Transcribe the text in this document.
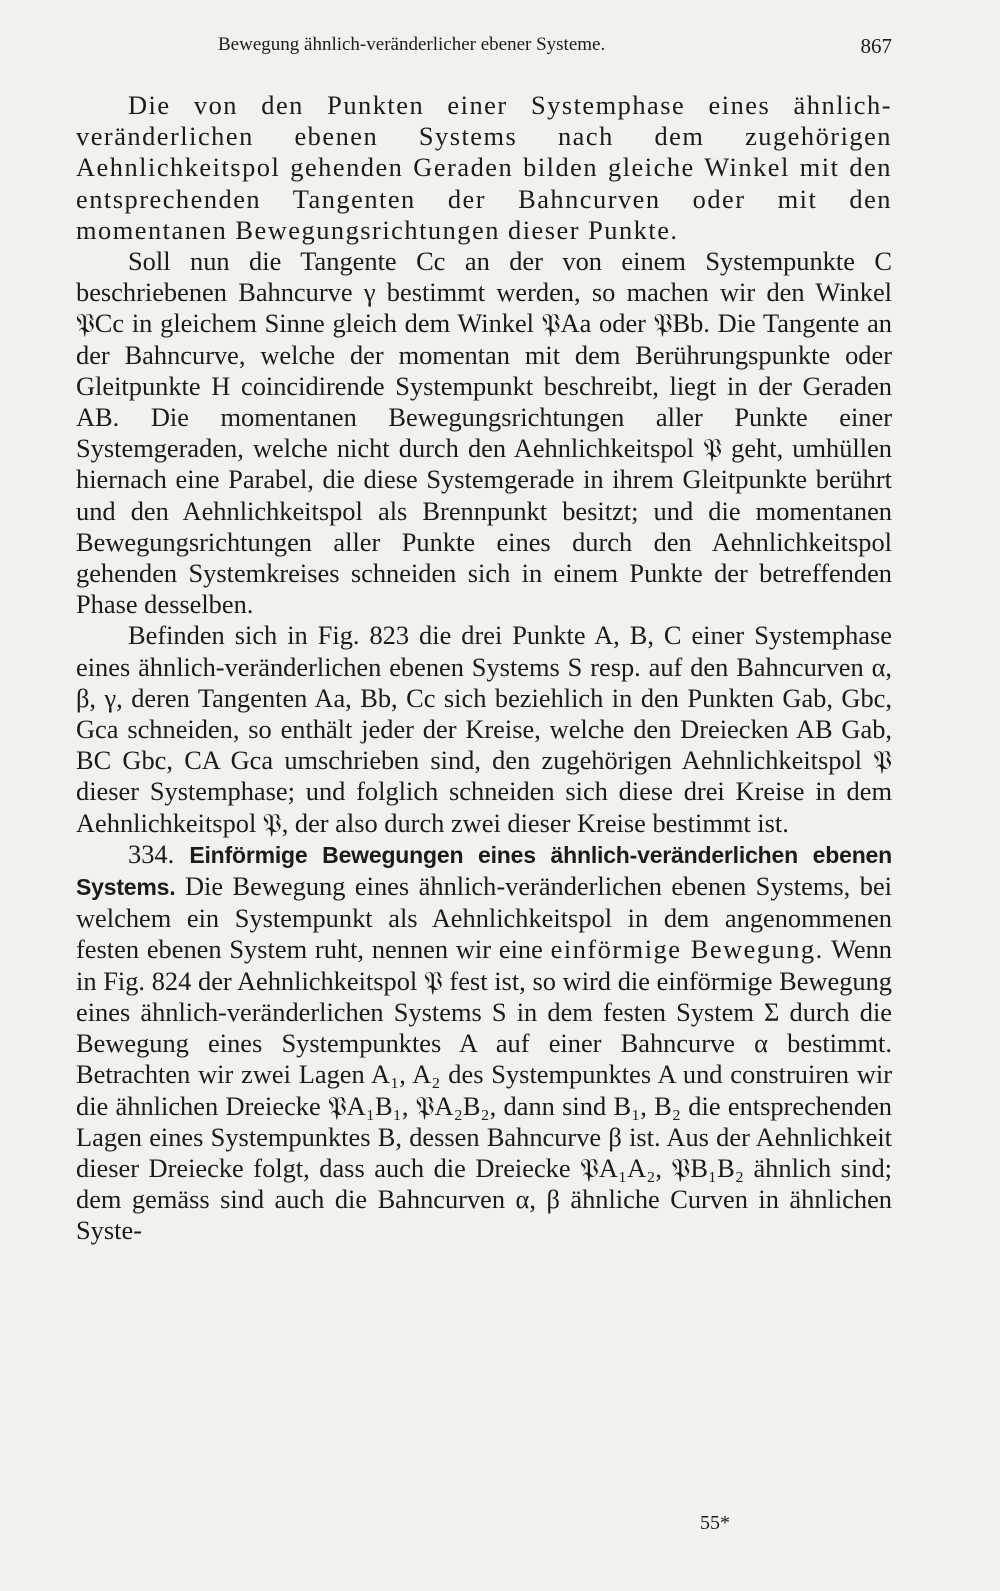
Bewegung ähnlich-veränderlicher ebener Systeme.	867

Die von den Punkten einer Systemphase eines ähnlich-veränderlichen ebenen Systems nach dem zugehörigen Aehnlichkeitspol gehenden Geraden bilden gleiche Winkel mit den entsprechenden Tangenten der Bahncurven oder mit den momentanen Bewegungsrichtungen dieser Punkte.

Soll nun die Tangente Cc an der von einem Systempunkte C beschriebenen Bahncurve γ bestimmt werden, so machen wir den Winkel 𝔓Cc in gleichem Sinne gleich dem Winkel 𝔓Aa oder 𝔓Bb. Die Tangente an der Bahncurve, welche der momentan mit dem Berührungspunkte oder Gleitpunkte H coincidirende Systempunkt beschreibt, liegt in der Geraden AB. Die momentanen Bewegungsrichtungen aller Punkte einer Systemgeraden, welche nicht durch den Aehnlichkeitspol 𝔓 geht, umhüllen hiernach eine Parabel, die diese Systemgerade in ihrem Gleitpunkte berührt und den Aehnlichkeitspol als Brennpunkt besitzt; und die momentanen Bewegungsrichtungen aller Punkte eines durch den Aehnlichkeitspol gehenden Systemkreises schneiden sich in einem Punkte der betreffenden Phase desselben.

Befinden sich in Fig. 823 die drei Punkte A, B, C einer Systemphase eines ähnlich-veränderlichen ebenen Systems S resp. auf den Bahncurven α, β, γ, deren Tangenten Aa, Bb, Cc sich beziehlich in den Punkten Gab, Gbc, Gca schneiden, so enthält jeder der Kreise, welche den Dreiecken AB Gab, BC Gbc, CA Gca umschrieben sind, den zugehörigen Aehnlichkeitspol 𝔓 dieser Systemphase; und folglich schneiden sich diese drei Kreise in dem Aehnlichkeitspol 𝔓, der also durch zwei dieser Kreise bestimmt ist.

334. Einförmige Bewegungen eines ähnlich-veränderlichen ebenen Systems. Die Bewegung eines ähnlich-veränderlichen ebenen Systems, bei welchem ein Systempunkt als Aehnlichkeitspol in dem angenommenen festen ebenen System ruht, nennen wir eine einförmige Bewegung. Wenn in Fig. 824 der Aehnlichkeitspol 𝔓 fest ist, so wird die einförmige Bewegung eines ähnlich-veränderlichen Systems S in dem festen System Σ durch die Bewegung eines Systempunktes A auf einer Bahncurve α bestimmt. Betrachten wir zwei Lagen A₁, A₂ des Systempunktes A und construiren wir die ähnlichen Dreiecke 𝔓A₁B₁, 𝔓A₂B₂, dann sind B₁, B₂ die entsprechenden Lagen eines Systempunktes B, dessen Bahncurve β ist. Aus der Aehnlichkeit dieser Dreiecke folgt, dass auch die Dreiecke 𝔓A₁A₂, 𝔓B₁B₂ ähnlich sind; dem gemäss sind auch die Bahncurven α, β ähnliche Curven in ähnlichen Syste-

55*
